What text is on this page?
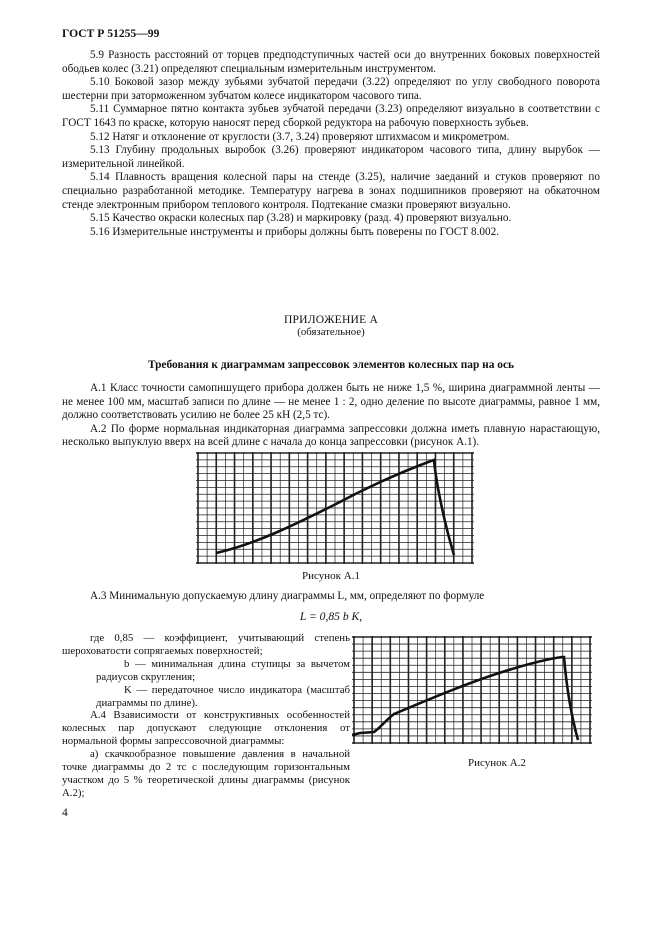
ГОСТ Р 51255—99

5.9 Разность расстояний от торцев предподступичных частей оси до внутренних боковых поверхностей ободьев колес (3.21) определяют специальным измерительным инструментом.

5.10 Боковой зазор между зубьями зубчатой передачи (3.22) определяют по углу свободного поворота шестерни при заторможенном зубчатом колесе индикатором часового типа.

5.11 Суммарное пятно контакта зубьев зубчатой передачи (3.23) определяют визуально в соответствии с ГОСТ 1643 по краске, которую наносят перед сборкой редуктора на рабочую поверхность зубьев.

5.12 Натяг и отклонение от круглости (3.7, 3.24) проверяют штихмасом и микрометром.

5.13 Глубину продольных выробок (3.26) проверяют индикатором часового типа, длину вырубок — измерительной линейкой.

5.14 Плавность вращения колесной пары на стенде (3.25), наличие заеданий и стуков проверяют по специально разработанной методике. Температуру нагрева в зонах подшипников проверяют на обкаточном стенде электронным прибором теплового контроля. Подтекание смазки проверяют визуально.

5.15 Качество окраски колесных пар (3.28) и маркировку (разд. 4) проверяют визуально.

5.16 Измерительные инструменты и приборы должны быть поверены по ГОСТ 8.002.

ПРИЛОЖЕНИЕ А
(обязательное)
Требования к диаграммам запрессовок элементов колесных пар на ось

А.1 Класс точности самопишущего прибора должен быть не ниже 1,5 %, ширина диаграммной ленты — не менее 100 мм, масштаб записи по длине — не менее 1 : 2, одно деление по высоте диаграммы, равное 1 мм, должно соответствовать усилию не более 25 кН (2,5 тс).

А.2 По форме нормальная индикаторная диаграмма запрессовки должна иметь плавную нарастающую, несколько выпуклую вверх на всей длине с начала до конца запрессовки (рисунок А.1).

Рисунок А.1

А.3 Минимальную допускаемую длину диаграммы L, мм, определяют по формуле

L = 0,85 b K,

где 0,85 — коэффициент, учитывающий степень шероховатости сопрягаемых поверхностей;

b — минимальная длина ступицы за вычетом радиусов скругления;

K — передаточное число индикатора (масштаб диаграммы по длине).

А.4 Взависимости от конструктивных особенностей колесных пар допускают следующие отклонения от нормальной формы запрессовочной диаграммы:

а) скачкообразное повышение давления в начальной точке диаграммы до 2 тс с последующим горизонтальным участком до 5 % теоретической длины диаграммы (рисунок А.2);

Рисунок А.2
4
